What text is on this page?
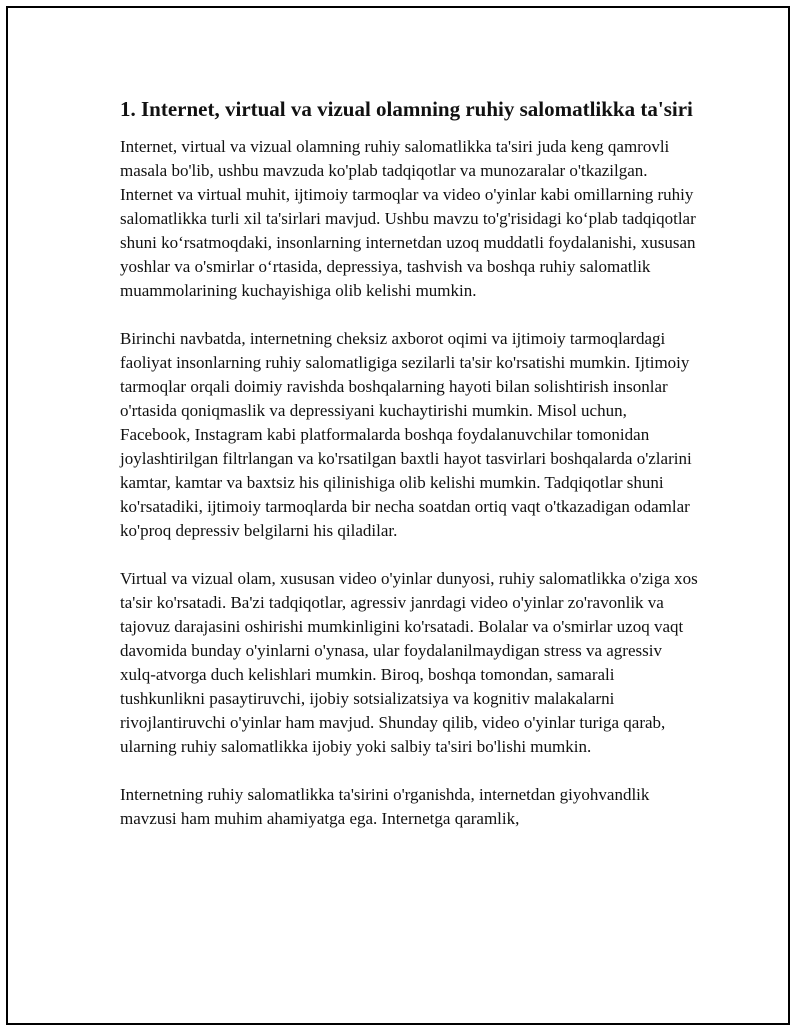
1. Internet, virtual va vizual olamning ruhiy salomatlikka ta'siri

Internet, virtual va vizual olamning ruhiy salomatlikka ta'siri juda keng qamrovli masala bo'lib, ushbu mavzuda ko'plab tadqiqotlar va munozaralar o'tkazilgan. Internet va virtual muhit, ijtimoiy tarmoqlar va video o'yinlar kabi omillarning ruhiy salomatlikka turli xil ta'sirlari mavjud. Ushbu mavzu to'g'risidagi ko‘plab tadqiqotlar shuni ko‘rsatmoqdaki, insonlarning internetdan uzoq muddatli foydalanishi, xususan yoshlar va o'smirlar o‘rtasida, depressiya, tashvish va boshqa ruhiy salomatlik muammolarining kuchayishiga olib kelishi mumkin.

Birinchi navbatda, internetning cheksiz axborot oqimi va ijtimoiy tarmoqlardagi faoliyat insonlarning ruhiy salomatligiga sezilarli ta'sir ko'rsatishi mumkin. Ijtimoiy tarmoqlar orqali doimiy ravishda boshqalarning hayoti bilan solishtirish insonlar o'rtasida qoniqmaslik va depressiyani kuchaytirishi mumkin. Misol uchun, Facebook, Instagram kabi platformalarda boshqa foydalanuvchilar tomonidan joylashtirilgan filtrlangan va ko'rsatilgan baxtli hayot tasvirlari boshqalarda o'zlarini kamtar, kamtar va baxtsiz his qilinishiga olib kelishi mumkin. Tadqiqotlar shuni ko'rsatadiki, ijtimoiy tarmoqlarda bir necha soatdan ortiq vaqt o'tkazadigan odamlar ko'proq depressiv belgilarni his qiladilar.

Virtual va vizual olam, xususan video o'yinlar dunyosi, ruhiy salomatlikka o'ziga xos ta'sir ko'rsatadi. Ba'zi tadqiqotlar, agressiv janrdagi video o'yinlar zo'ravonlik va tajovuz darajasini oshirishi mumkinligini ko'rsatadi. Bolalar va o'smirlar uzoq vaqt davomida bunday o'yinlarni o'ynasa, ular foydalanilmaydigan stress va agressiv xulq-atvorga duch kelishlari mumkin. Biroq, boshqa tomondan, samarali tushkunlikni pasaytiruvchi, ijobiy sotsializatsiya va kognitiv malakalarni rivojlantiruvchi o'yinlar ham mavjud. Shunday qilib, video o'yinlar turiga qarab, ularning ruhiy salomatlikka ijobiy yoki salbiy ta'siri bo'lishi mumkin.

Internetning ruhiy salomatlikka ta'sirini o'rganishda, internetdan giyohvandlik mavzusi ham muhim ahamiyatga ega. Internetga qaramlik,
